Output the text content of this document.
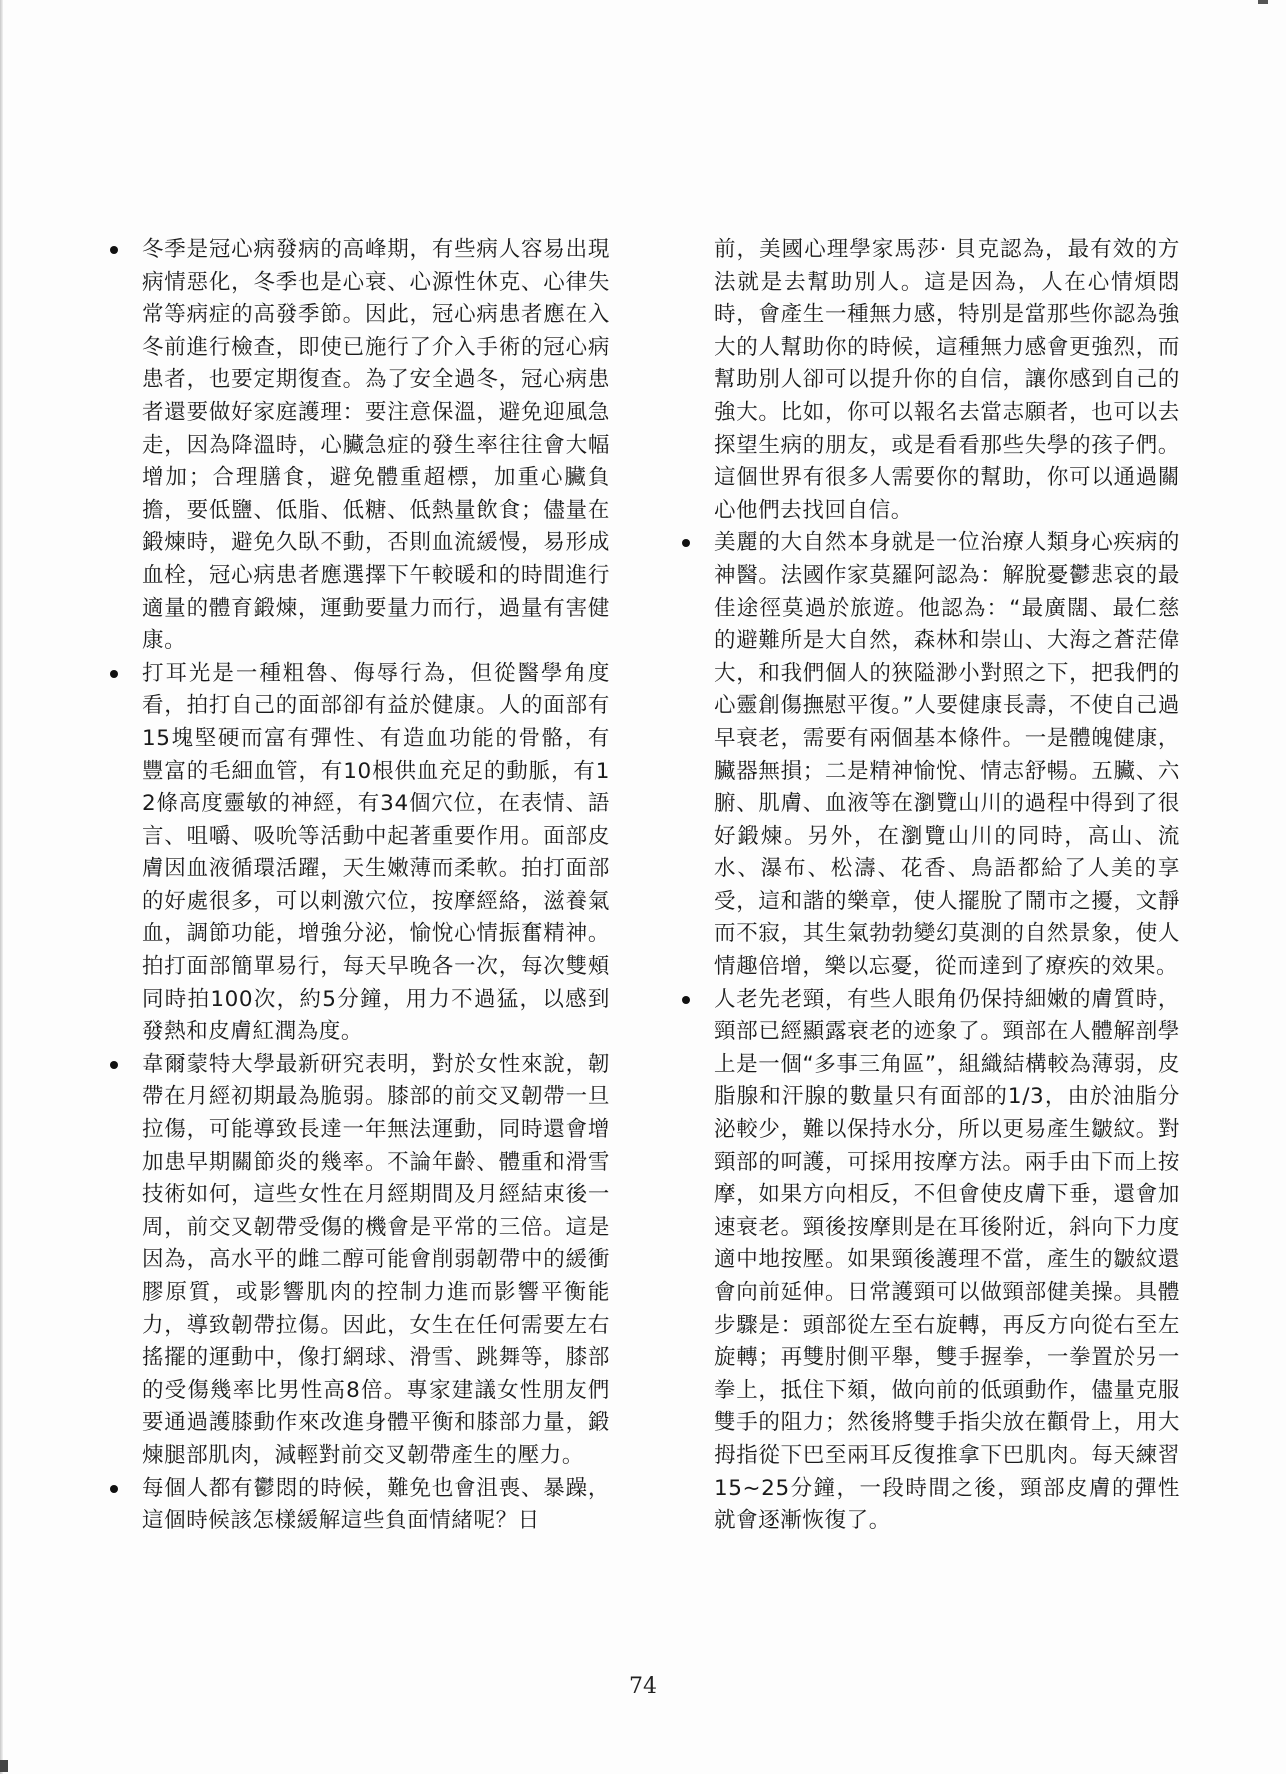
冬季是冠心病發病的高峰期，有些病人容易出現病情惡化，冬季也是心衰、心源性休克、心律失常等病症的高發季節。因此，冠心病患者應在入冬前進行檢查，即使已施行了介入手術的冠心病患者，也要定期復查。為了安全過冬，冠心病患者還要做好家庭護理：要注意保溫，避免迎風急走，因為降溫時，心臟急症的發生率往往會大幅增加；合理膳食，避免體重超標，加重心臟負擔，要低鹽、低脂、低糖、低熱量飲食；儘量在鍛煉時，避免久臥不動，否則血流緩慢，易形成血栓，冠心病患者應選擇下午較暖和的時間進行適量的體育鍛煉，運動要量力而行，過量有害健康。

打耳光是一種粗魯、侮辱行為，但從醫學角度看，拍打自己的面部卻有益於健康。人的面部有15塊堅硬而富有彈性、有造血功能的骨骼，有豐富的毛細血管，有10根供血充足的動脈，有12條高度靈敏的神經，有34個穴位，在表情、語言、咀嚼、吸吮等活動中起著重要作用。面部皮膚因血液循環活躍，天生嫩薄而柔軟。拍打面部的好處很多，可以刺激穴位，按摩經絡，滋養氣血，調節功能，增強分泌，愉悅心情振奮精神。拍打面部簡單易行，每天早晚各一次，每次雙頰同時拍100次，約5分鐘，用力不過猛，以感到發熱和皮膚紅潤為度。

韋爾蒙特大學最新研究表明，對於女性來說，韌帶在月經初期最為脆弱。膝部的前交叉韌帶一旦拉傷，可能導致長達一年無法運動，同時還會增加患早期關節炎的幾率。不論年齡、體重和滑雪技術如何，這些女性在月經期間及月經結束後一周，前交叉韌帶受傷的機會是平常的三倍。這是因為，高水平的雌二醇可能會削弱韌帶中的緩衝膠原質，或影響肌肉的控制力進而影響平衡能力，導致韌帶拉傷。因此，女生在任何需要左右搖擺的運動中，像打網球、滑雪、跳舞等，膝部的受傷幾率比男性高8倍。專家建議女性朋友們要通過護膝動作來改進身體平衡和膝部力量，鍛煉腿部肌肉，減輕對前交叉韌帶產生的壓力。

每個人都有鬱悶的時候，難免也會沮喪、暴躁，這個時候該怎樣緩解這些負面情緒呢？日

前，美國心理學家馬莎· 貝克認為，最有效的方法就是去幫助別人。這是因為，人在心情煩悶時，會產生一種無力感，特別是當那些你認為強大的人幫助你的時候，這種無力感會更強烈，而幫助別人卻可以提升你的自信，讓你感到自己的強大。比如，你可以報名去當志願者，也可以去探望生病的朋友，或是看看那些失學的孩子們。這個世界有很多人需要你的幫助，你可以通過關心他們去找回自信。

美麗的大自然本身就是一位治療人類身心疾病的神醫。法國作家莫羅阿認為：解脫憂鬱悲哀的最佳途徑莫過於旅遊。他認為：“最廣闊、最仁慈的避難所是大自然，森林和崇山、大海之蒼茫偉大，和我們個人的狹隘渺小對照之下，把我們的心靈創傷撫慰平復。”人要健康長壽，不使自己過早衰老，需要有兩個基本條件。一是體魄健康，臟器無損；二是精神愉悅、情志舒暢。五臟、六腑、肌膚、血液等在瀏覽山川的過程中得到了很好鍛煉。另外，在瀏覽山川的同時，高山、流水、瀑布、松濤、花香、鳥語都給了人美的享受，這和諧的樂章，使人擺脫了鬧市之擾，文靜而不寂，其生氣勃勃變幻莫測的自然景象，使人情趣倍增，樂以忘憂，從而達到了療疾的效果。

人老先老頸，有些人眼角仍保持細嫩的膚質時，頸部已經顯露衰老的迹象了。頸部在人體解剖學上是一個“多事三角區”，組織結構較為薄弱，皮脂腺和汗腺的數量只有面部的1/3，由於油脂分泌較少，難以保持水分，所以更易產生皺紋。對頸部的呵護，可採用按摩方法。兩手由下而上按摩，如果方向相反，不但會使皮膚下垂，還會加速衰老。頸後按摩則是在耳後附近，斜向下力度適中地按壓。如果頸後護理不當，產生的皺紋還會向前延伸。日常護頸可以做頸部健美操。具體步驟是：頭部從左至右旋轉，再反方向從右至左旋轉；再雙肘側平舉，雙手握拳，一拳置於另一拳上，抵住下頦，做向前的低頭動作，儘量克服雙手的阻力；然後將雙手指尖放在顴骨上，用大拇指從下巴至兩耳反復推拿下巴肌肉。每天練習15~25分鐘，一段時間之後，頸部皮膚的彈性就會逐漸恢復了。

74
